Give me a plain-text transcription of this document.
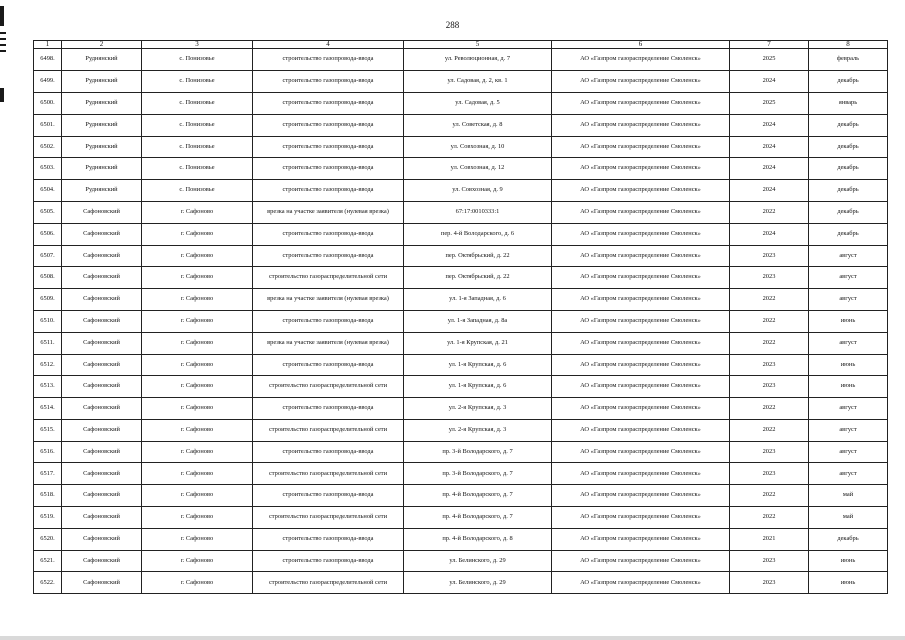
288
1	2	3	4	5	6	7	8
6498.	Руднянский	с. Понизовье	строительство газопровода-ввода	ул. Революционная, д. 7	АО «Газпром газораспределение Смоленск»	2025	февраль
6499.	Руднянский	с. Понизовье	строительство газопровода-ввода	ул. Садовая, д. 2, кв. 1	АО «Газпром газораспределение Смоленск»	2024	декабрь
6500.	Руднянский	с. Понизовье	строительство газопровода-ввода	ул. Садовая, д. 5	АО «Газпром газораспределение Смоленск»	2025	январь
6501.	Руднянский	с. Понизовье	строительство газопровода-ввода	ул. Советская, д. 8	АО «Газпром газораспределение Смоленск»	2024	декабрь
6502.	Руднянский	с. Понизовье	строительство газопровода-ввода	ул. Совхозная, д. 10	АО «Газпром газораспределение Смоленск»	2024	декабрь
6503.	Руднянский	с. Понизовье	строительство газопровода-ввода	ул. Совхозная, д. 12	АО «Газпром газораспределение Смоленск»	2024	декабрь
6504.	Руднянский	с. Понизовье	строительство газопровода-ввода	ул. Совхозная, д. 9	АО «Газпром газораспределение Смоленск»	2024	декабрь
6505.	Сафоновский	г. Сафоново	врезка на участке заявителя (нулевая врезка)	67:17:0010333:1	АО «Газпром газораспределение Смоленск»	2022	декабрь
6506.	Сафоновский	г. Сафоново	строительство газопровода-ввода	пер. 4-й Володарского, д. 6	АО «Газпром газораспределение Смоленск»	2024	декабрь
6507.	Сафоновский	г. Сафоново	строительство газопровода-ввода	пер. Октябрьский, д. 22	АО «Газпром газораспределение Смоленск»	2023	август
6508.	Сафоновский	г. Сафоново	строительство газораспределительной сети	пер. Октябрьский, д. 22	АО «Газпром газораспределение Смоленск»	2023	август
6509.	Сафоновский	г. Сафоново	врезка на участке заявителя (нулевая врезка)	ул. 1-я Западная, д. 6	АО «Газпром газораспределение Смоленск»	2022	август
6510.	Сафоновский	г. Сафоново	строительство газопровода-ввода	ул. 1-я Западная, д. 8а	АО «Газпром газораспределение Смоленск»	2022	июнь
6511.	Сафоновский	г. Сафоново	врезка на участке заявителя (нулевая врезка)	ул. 1-я Крупская, д. 21	АО «Газпром газораспределение Смоленск»	2022	август
6512.	Сафоновский	г. Сафоново	строительство газопровода-ввода	ул. 1-я Крупская, д. 6	АО «Газпром газораспределение Смоленск»	2023	июнь
6513.	Сафоновский	г. Сафоново	строительство газораспределительной сети	ул. 1-я Крупская, д. 6	АО «Газпром газораспределение Смоленск»	2023	июнь
6514.	Сафоновский	г. Сафоново	строительство газопровода-ввода	ул. 2-я Крупская, д. 3	АО «Газпром газораспределение Смоленск»	2022	август
6515.	Сафоновский	г. Сафоново	строительство газораспределительной сети	ул. 2-я Крупская, д. 3	АО «Газпром газораспределение Смоленск»	2022	август
6516.	Сафоновский	г. Сафоново	строительство газопровода-ввода	пр. 3-й Володарского, д. 7	АО «Газпром газораспределение Смоленск»	2023	август
6517.	Сафоновский	г. Сафоново	строительство газораспределительной сети	пр. 3-й Володарского, д. 7	АО «Газпром газораспределение Смоленск»	2023	август
6518.	Сафоновский	г. Сафоново	строительство газопровода-ввода	пр. 4-й Володарского, д. 7	АО «Газпром газораспределение Смоленск»	2022	май
6519.	Сафоновский	г. Сафоново	строительство газораспределительной сети	пр. 4-й Володарского, д. 7	АО «Газпром газораспределение Смоленск»	2022	май
6520.	Сафоновский	г. Сафоново	строительство газопровода-ввода	пр. 4-й Володарского, д. 8	АО «Газпром газораспределение Смоленск»	2021	декабрь
6521.	Сафоновский	г. Сафоново	строительство газопровода-ввода	ул. Белинского, д. 29	АО «Газпром газораспределение Смоленск»	2023	июнь
6522.	Сафоновский	г. Сафоново	строительство газораспределительной сети	ул. Белинского, д. 29	АО «Газпром газораспределение Смоленск»	2023	июнь
